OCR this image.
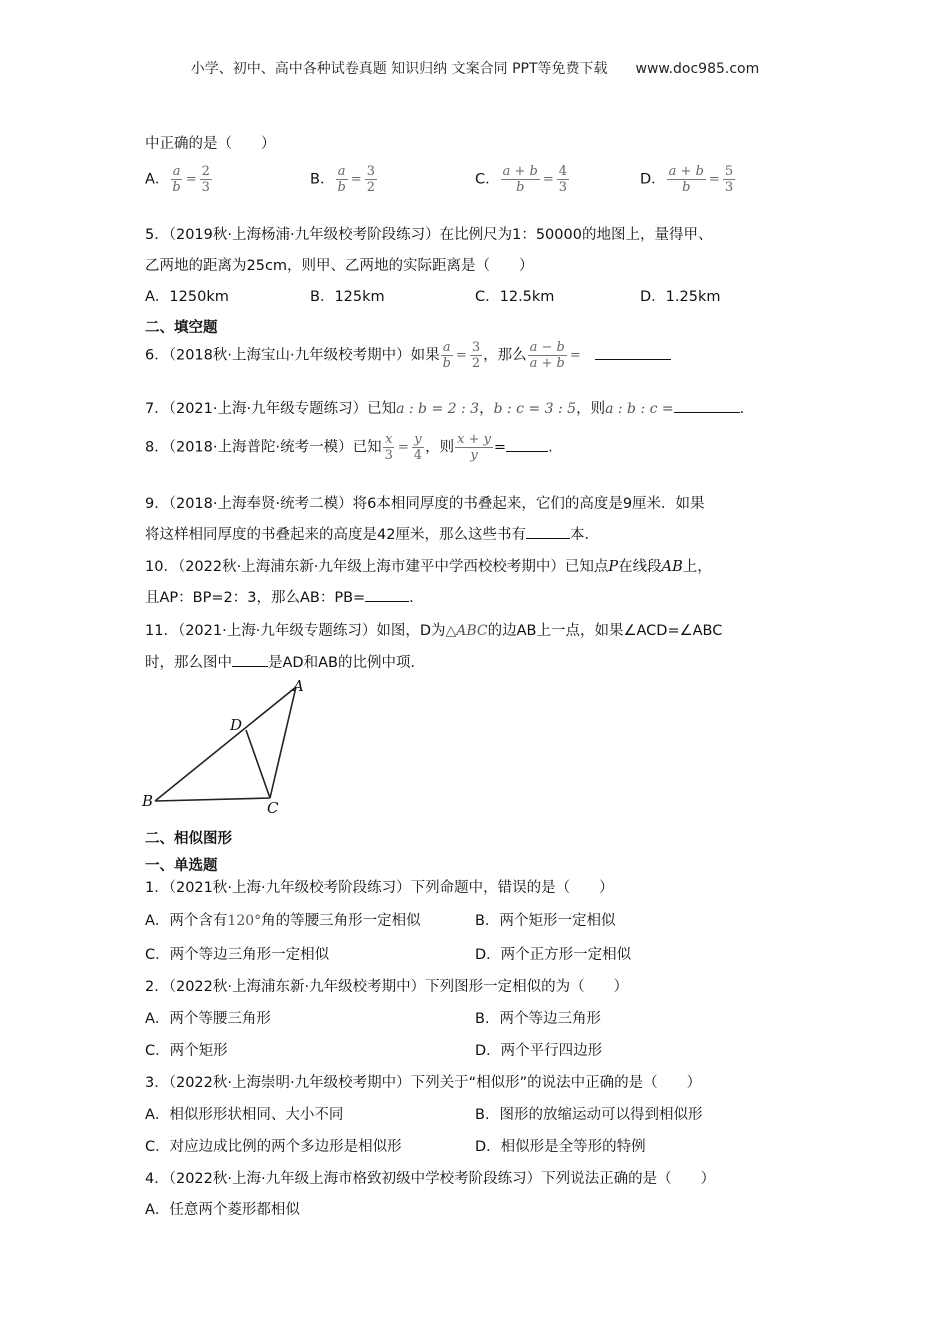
小学、初中、高中各种试卷真题 知识归纳 文案合同 PPT等免费下载 www.doc985.com
中正确的是（　　）
A． $\frac{a}{b} = \frac{2}{3}$	B． $\frac{a}{b} = \frac{3}{2}$	C． $\frac{a + b}{b} = \frac{4}{3}$	D． $\frac{a + b}{b} = \frac{5}{3}$
5．（2019秋·上海杨浦·九年级校考阶段练习）在比例尺为1：50000的地图上，量得甲、
乙两地的距离为25cm，则甲、乙两地的实际距离是（　　）
A．1250km	B．125km	C．12.5km	D．1.25km
二、填空题
6．（2018秋·上海宝山·九年级校考期中）如果 $\frac{a}{b} = \frac{3}{2}$ ，那么 $\frac{a - b}{a + b}$ =
7．（2021·上海·九年级专题练习）已知a : b = 2 : 3，b : c = 3 : 5，则a : b : c =	.
8．（2018·上海普陀·统考一模）已知 $\frac{x}{3} = \frac{y}{4}$ ，则 $\frac{x + y}{y}$ =	.
9．（2018·上海奉贤·统考二模）将6本相同厚度的书叠起来，它们的高度是9厘米．如果
将这样相同厚度的书叠起来的高度是42厘米，那么这些书有	本．
10．（2022秋·上海浦东新·九年级上海市建平中学西校校考期中）已知点P在线段AB上，
且AP：BP=2：3，那么AB：PB=	．
11．（2021·上海·九年级专题练习）如图，D为△ABC的边AB上一点，如果∠ACD=∠ABC
时，那么图中 是AD和AB的比例中项．
A
B	C
D
二、相似图形
一、单选题
1．（2021秋·上海·九年级校考阶段练习）下列命题中，错误的是（　　）
A．两个含有120°角的等腰三角形一定相似	B．两个矩形一定相似
C．两个等边三角形一定相似	D．两个正方形一定相似
2．（2022秋·上海浦东新·九年级校考期中）下列图形一定相似的为（　　）
A．两个等腰三角形	B．两个等边三角形
C．两个矩形	D．两个平行四边形
3．（2022秋·上海崇明·九年级校考期中）下列关于“相似形”的说法中正确的是（　　）
A．相似形形状相同、大小不同	B．图形的放缩运动可以得到相似形
C．对应边成比例的两个多边形是相似形	D．相似形是全等形的特例
4．（2022秋·上海·九年级上海市格致初级中学校考阶段练习）下列说法正确的是（　　）
A．任意两个菱形都相似
